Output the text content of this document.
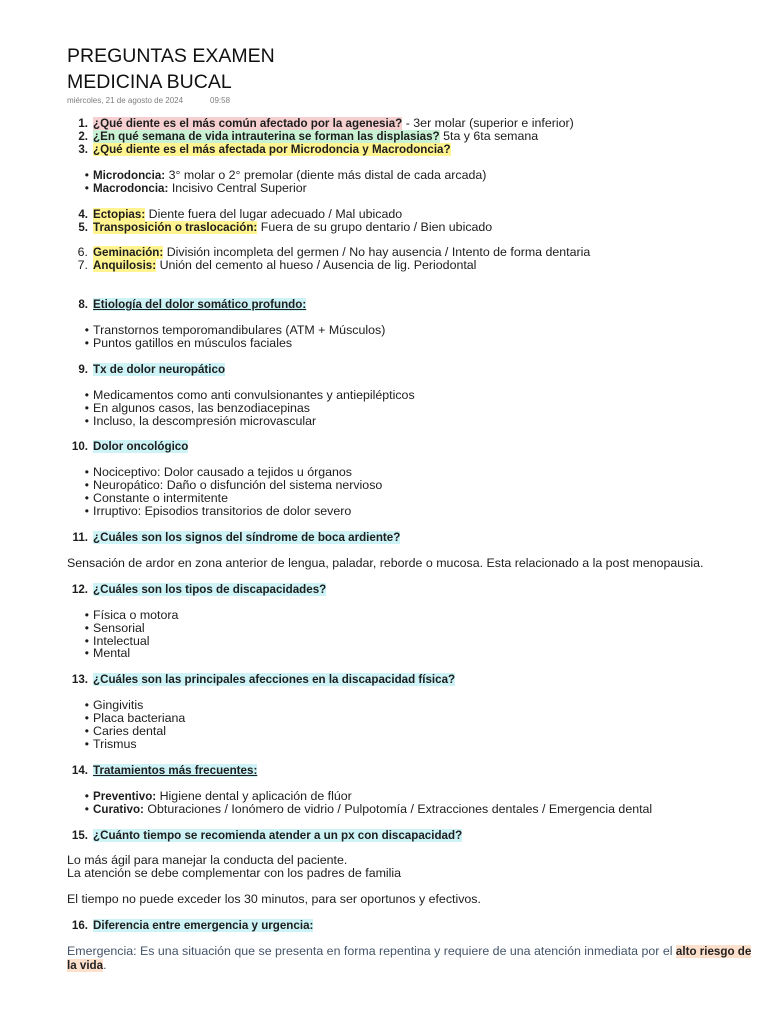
PREGUNTAS EXAMEN
MEDICINA BUCAL
miércoles, 21 de agosto de 2024	09:58
1. ¿Qué diente es el más común afectado por la agenesia? - 3er molar (superior e inferior)
2. ¿En qué semana de vida intrauterina se forman las displasias? 5ta y 6ta semana
3. ¿Qué diente es el más afectada por Microdoncia y Macrodoncia?
• Microdoncia: 3° molar o 2° premolar (diente más distal de cada arcada)
• Macrodoncia: Incisivo Central Superior
4. Ectopias: Diente fuera del lugar adecuado / Mal ubicado
5. Transposición o traslocación: Fuera de su grupo dentario / Bien ubicado
6. Geminación: División incompleta del germen / No hay ausencia / Intento de forma dentaria
7. Anquilosis: Unión del cemento al hueso / Ausencia de lig. Periodontal
8. Etiología del dolor somático profundo:
• Transtornos temporomandibulares (ATM + Músculos)
• Puntos gatillos en músculos faciales
9. Tx de dolor neuropático
• Medicamentos como anti convulsionantes y antiepilépticos
• En algunos casos, las benzodiacepinas
• Incluso, la descompresión microvascular
10. Dolor oncológico
• Nociceptivo: Dolor causado a tejidos u órganos
• Neuropático: Daño o disfunción del sistema nervioso
• Constante o intermitente
• Irruptivo: Episodios transitorios de dolor severo
11. ¿Cuáles son los signos del síndrome de boca ardiente?
Sensación de ardor en zona anterior de lengua, paladar, reborde o mucosa. Esta relacionado a la post menopausia.
12. ¿Cuáles son los tipos de discapacidades?
• Física o motora
• Sensorial
• Intelectual
• Mental
13. ¿Cuáles son las principales afecciones en la discapacidad física?
• Gingivitis
• Placa bacteriana
• Caries dental
• Trismus
14. Tratamientos más frecuentes:
• Preventivo: Higiene dental y aplicación de flúor
• Curativo: Obturaciones / Ionómero de vidrio / Pulpotomía / Extracciones dentales / Emergencia dental
15. ¿Cuánto tiempo se recomienda atender a un px con discapacidad?
Lo más ágil para manejar la conducta del paciente.
La atención se debe complementar con los padres de familia
El tiempo no puede exceder los 30 minutos, para ser oportunos y efectivos.
16. Diferencia entre emergencia y urgencia:
Emergencia: Es una situación que se presenta en forma repentina y requiere de una atención inmediata por el alto riesgo de la vida.
